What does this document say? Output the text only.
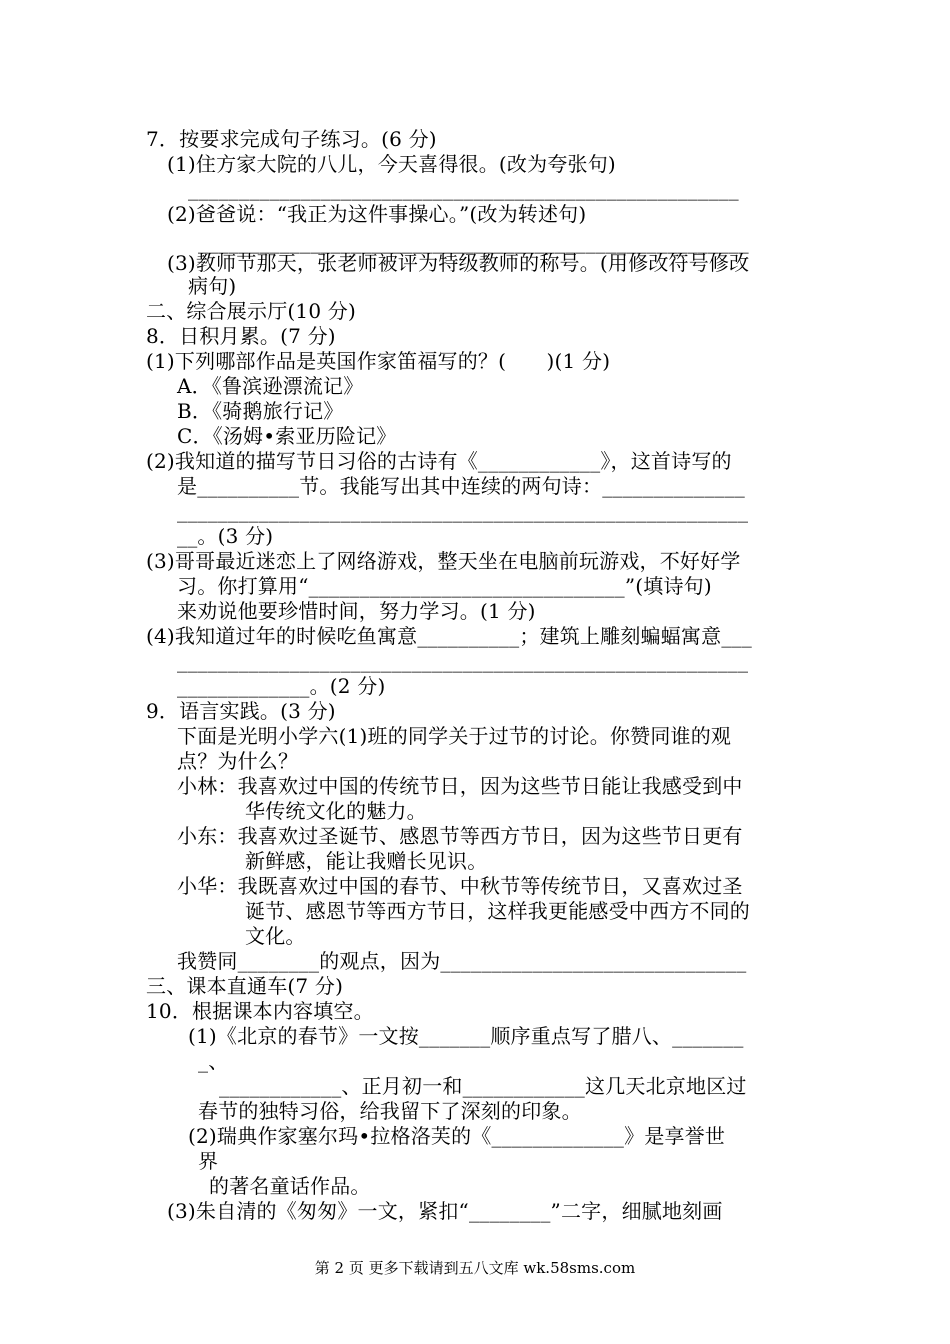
7．按要求完成句子练习。(6 分)
(1)住方家大院的八儿，今天喜得很。(改为夸张句)
______________________________________________________
(2)爸爸说：“我正为这件事操心。”(改为转述句)
______________________________________________________
(3)教师节那天，张老师被评为特级教师的称号。(用修改符号修改
病句)
二、综合展示厅(10 分)
8．日积月累。(7 分)
(1)下列哪部作品是英国作家笛福写的？(　　)(1 分)
A．《鲁滨逊漂流记》
B．《骑鹅旅行记》
C．《汤姆•索亚历险记》
(2)我知道的描写节日习俗的古诗有《____________》，这首诗写的
是__________节。我能写出其中连续的两句诗：______________
________________________________________________________
__。(3 分)
(3)哥哥最近迷恋上了网络游戏，整天坐在电脑前玩游戏，不好好学
习。你打算用“_______________________________”(填诗句)
来劝说他要珍惜时间，努力学习。(1 分)
(4)我知道过年的时候吃鱼寓意__________；建筑上雕刻蝙蝠寓意___
________________________________________________________
_____________。(2 分)
9．语言实践。(3 分)
下面是光明小学六(1)班的同学关于过节的讨论。你赞同谁的观
点？为什么？
小林：我喜欢过中国的传统节日，因为这些节日能让我感受到中
华传统文化的魅力。
小东：我喜欢过圣诞节、感恩节等西方节日，因为这些节日更有
新鲜感，能让我赠长见识。
小华：我既喜欢过中国的春节、中秋节等传统节日，又喜欢过圣
诞节、感恩节等西方节日，这样我更能感受中西方不同的
文化。
我赞同________的观点，因为______________________________
三、课本直通车(7 分)
10．根据课本内容填空。
(1)《北京的春节》一文按_______顺序重点写了腊八、_______
_、
____________、正月初一和____________这几天北京地区过
春节的独特习俗，给我留下了深刻的印象。
(2)瑞典作家塞尔玛•拉格洛芙的《_____________》是享誉世
界
的著名童话作品。
(3)朱自清的《匆匆》一文，紧扣“________”二字，细腻地刻画
第 2 页 更多下载请到五八文库 wk.58sms.com
